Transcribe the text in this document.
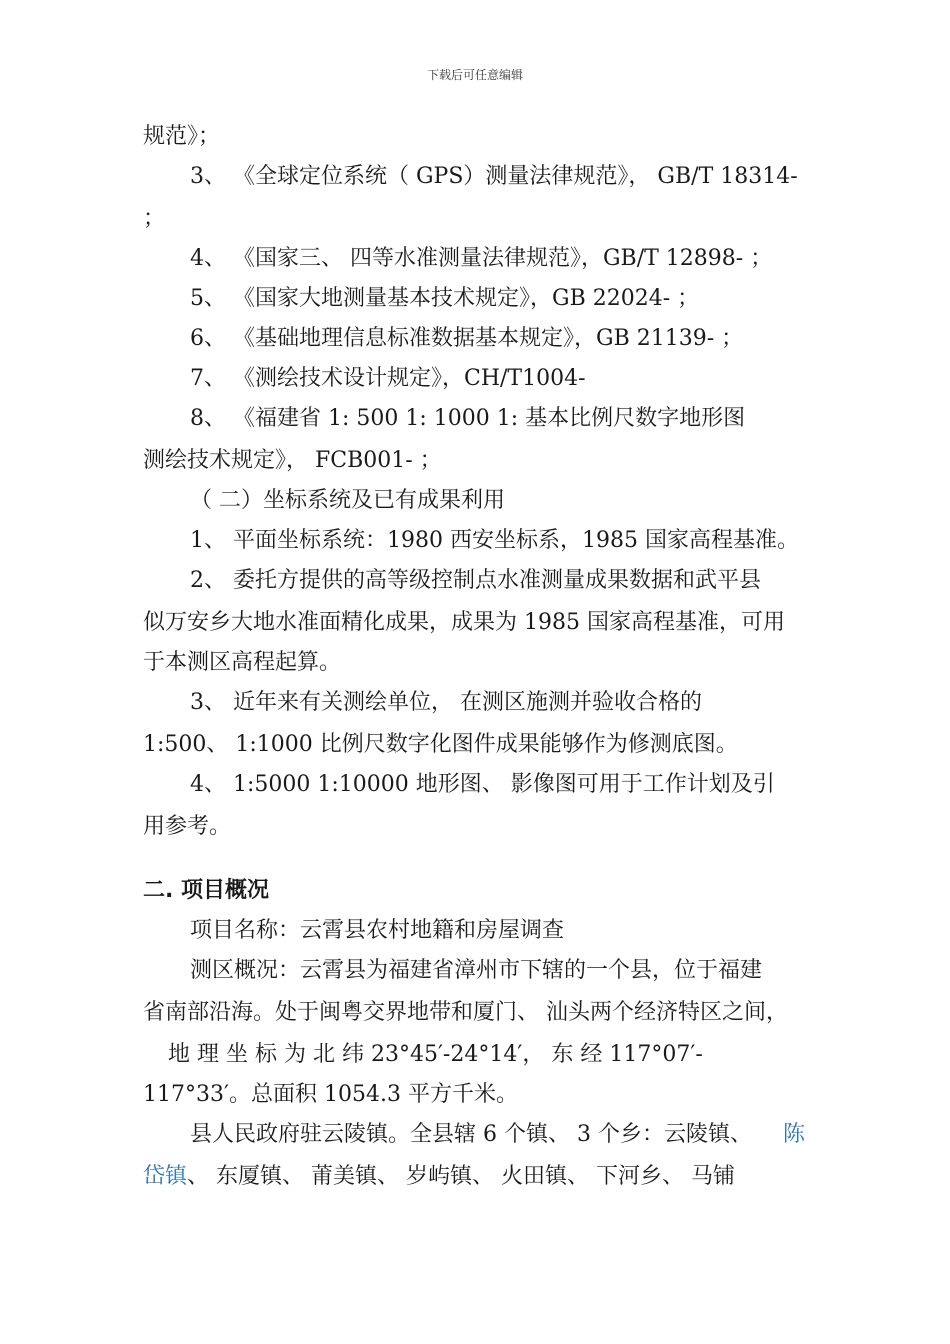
下载后可任意编辑
规范》；
3、 《全球定位系统（ GPS）测量法律规范》， GB/T 18314-
；
4、 《国家三、 四等水准测量法律规范》，GB/T 12898- ；
5、 《国家大地测量基本技术规定》，GB 22024- ；
6、 《基础地理信息标准数据基本规定》，GB 21139- ；
7、 《测绘技术设计规定》，CH/T1004-
8、 《福建省 1: 500 1: 1000 1: 基本比例尺数字地形图
测绘技术规定》， FCB001- ；
（ 二）坐标系统及已有成果利用
1、 平面坐标系统：1980 西安坐标系，1985 国家高程基准。
2、 委托方提供的高等级控制点水准测量成果数据和武平县
似万安乡大地水准面精化成果，成果为 1985 国家高程基准，可用
于本测区高程起算。
3、 近年来有关测绘单位， 在测区施测并验收合格的
1:500、 1:1000 比例尺数字化图件成果能够作为修测底图。
4、 1:5000 1:10000 地形图、 影像图可用于工作计划及引
用参考。
二. 项目概况
项目名称：云霄县农村地籍和房屋调查
测区概况：云霄县为福建省漳州市下辖的一个县，位于福建
省南部沿海。处于闽粤交界地带和厦门、 汕头两个经济特区之间，
地 理 坐 标 为 北 纬 23°45′-24°14′， 东 经 117°07′-
117°33′。总面积 1054.3 平方千米。
县人民政府驻云陵镇。全县辖 6 个镇、 3 个乡：云陵镇、 陈
岱镇、 东厦镇、 莆美镇、 岁屿镇、 火田镇、 下河乡、 马铺
